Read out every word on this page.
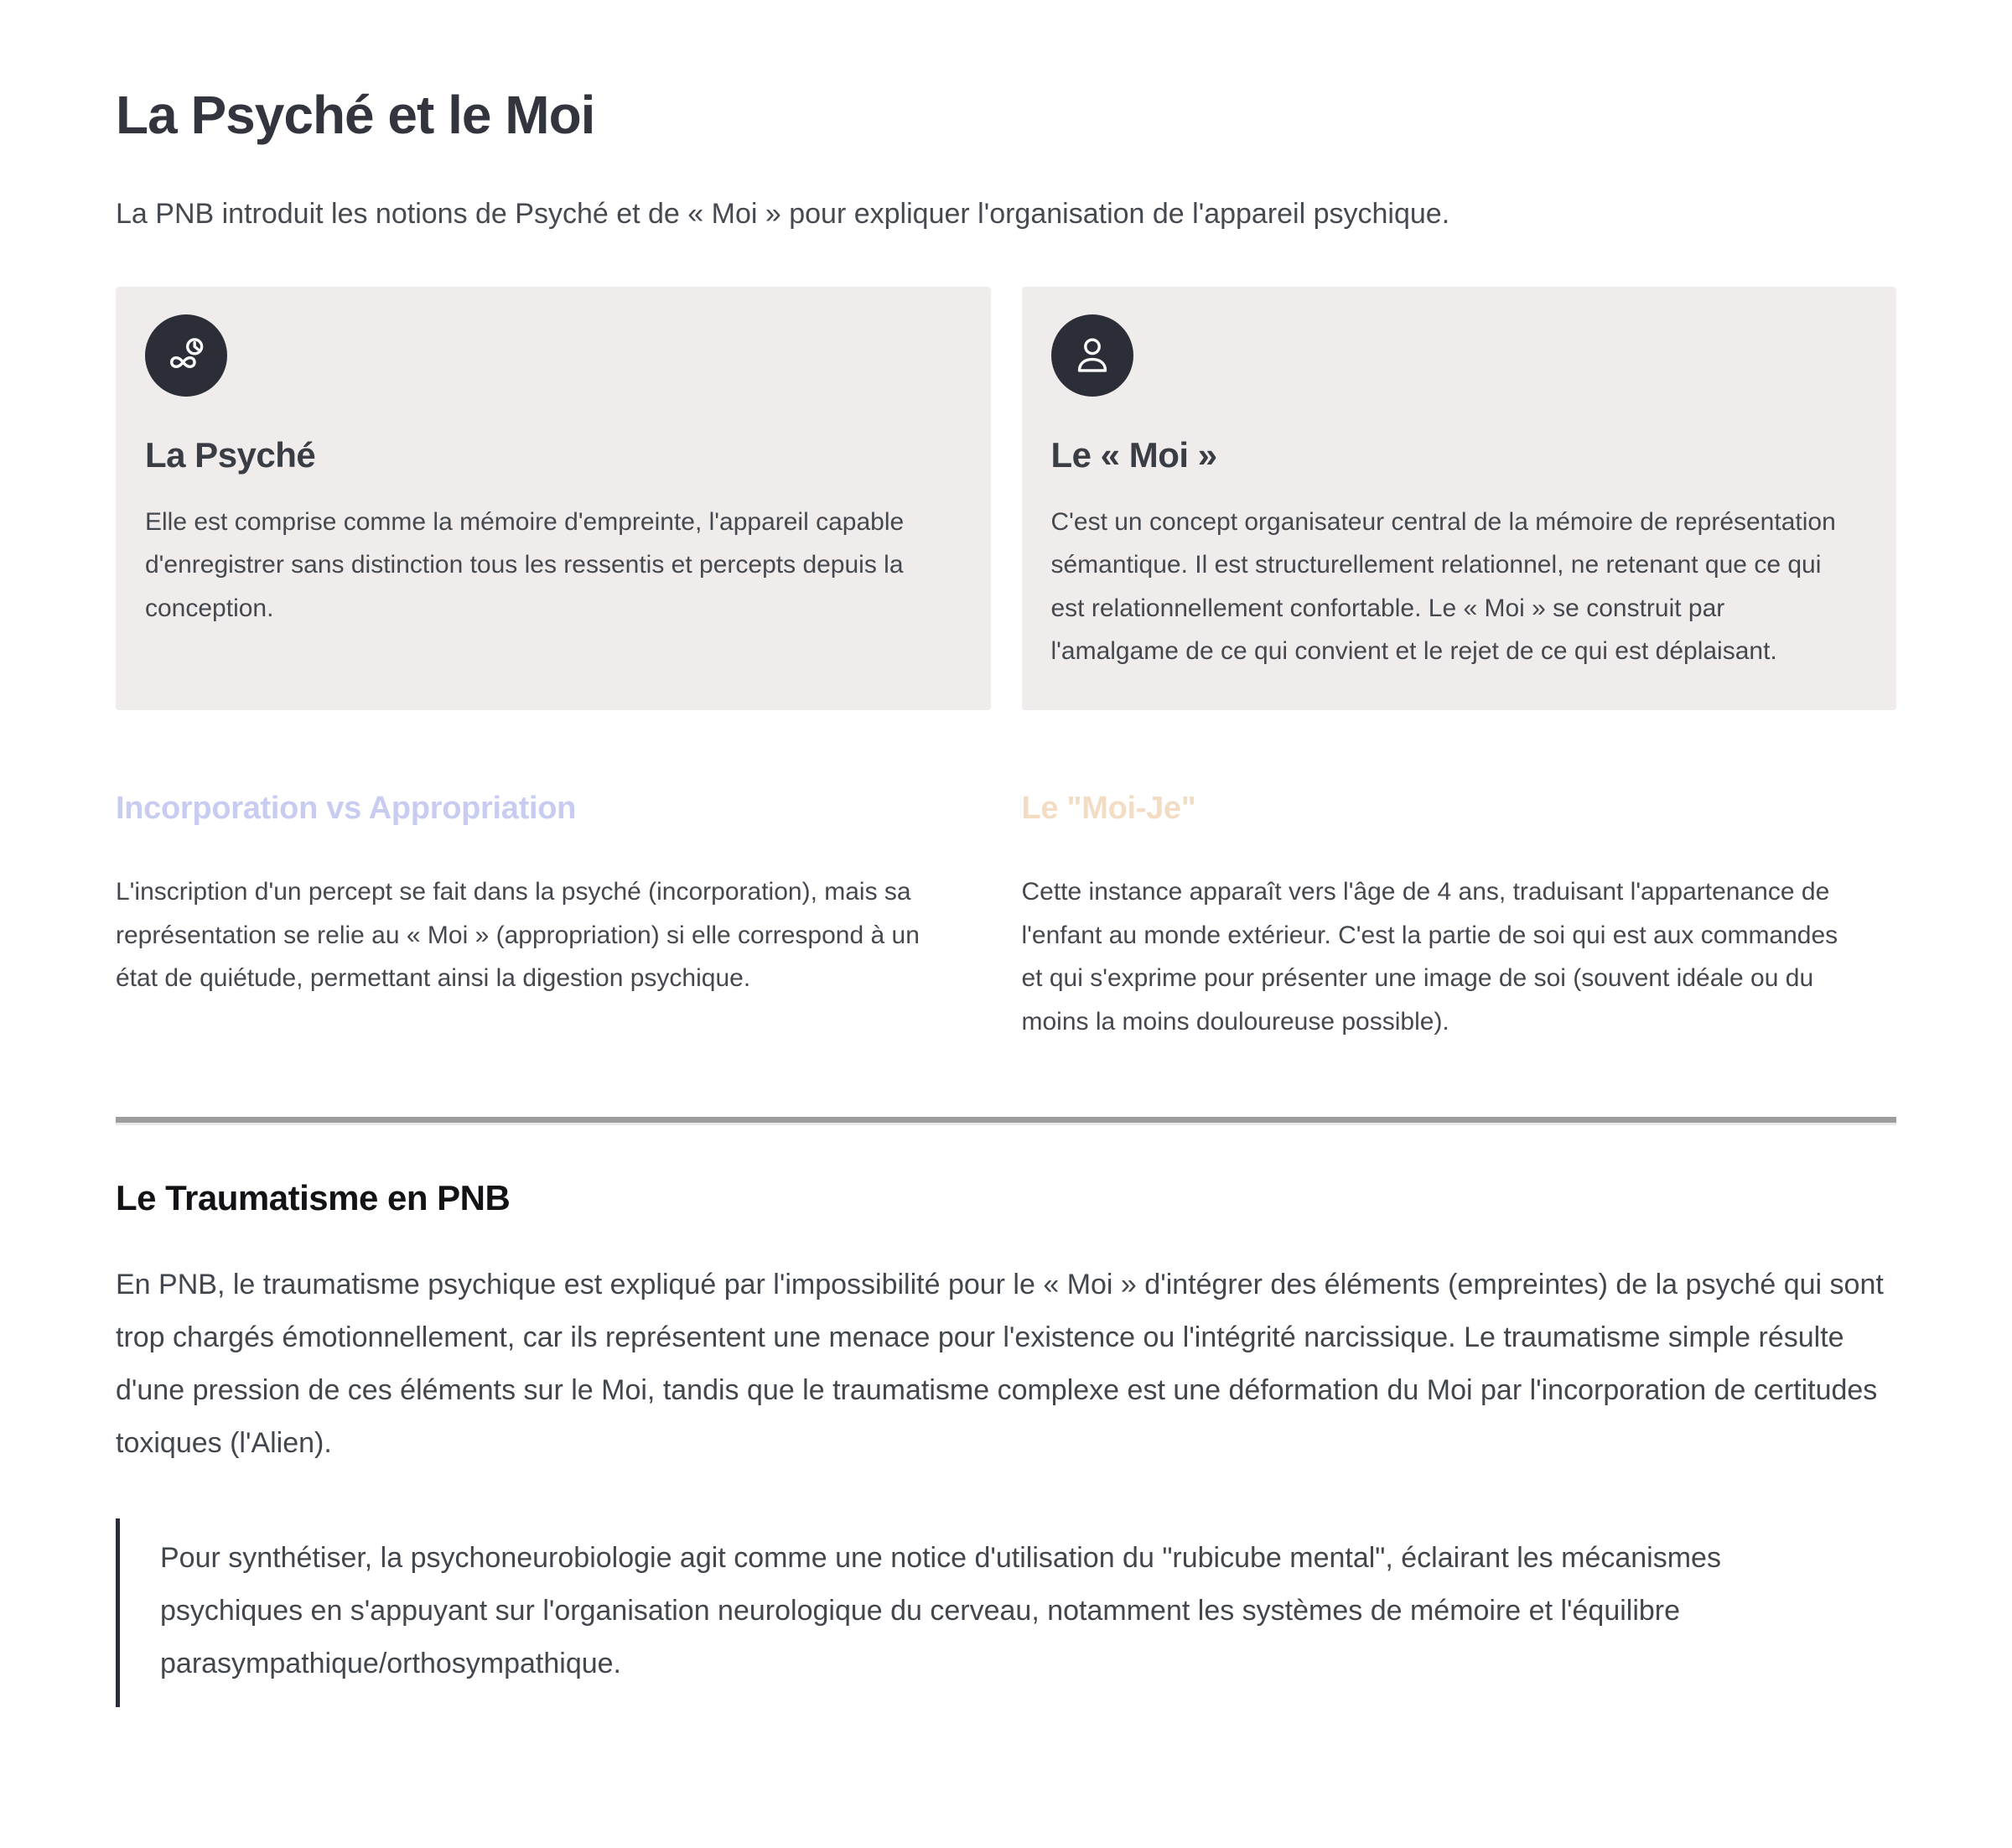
La Psyché et le Moi

La PNB introduit les notions de Psyché et de « Moi » pour expliquer l'organisation de l'appareil psychique.

La Psyché

Elle est comprise comme la mémoire d'empreinte, l'appareil capable d'enregistrer sans distinction tous les ressentis et percepts depuis la conception.

Le « Moi »

C'est un concept organisateur central de la mémoire de représentation sémantique. Il est structurellement relationnel, ne retenant que ce qui est relationnellement confortable. Le « Moi » se construit par l'amalgame de ce qui convient et le rejet de ce qui est déplaisant.

Incorporation vs Appropriation

L'inscription d'un percept se fait dans la psyché (incorporation), mais sa représentation se relie au « Moi » (appropriation) si elle correspond à un état de quiétude, permettant ainsi la digestion psychique.

Le "Moi-Je"

Cette instance apparaît vers l'âge de 4 ans, traduisant l'appartenance de l'enfant au monde extérieur. C'est la partie de soi qui est aux commandes et qui s'exprime pour présenter une image de soi (souvent idéale ou du moins la moins douloureuse possible).

Le Traumatisme en PNB

En PNB, le traumatisme psychique est expliqué par l'impossibilité pour le « Moi » d'intégrer des éléments (empreintes) de la psyché qui sont trop chargés émotionnellement, car ils représentent une menace pour l'existence ou l'intégrité narcissique. Le traumatisme simple résulte d'une pression de ces éléments sur le Moi, tandis que le traumatisme complexe est une déformation du Moi par l'incorporation de certitudes toxiques (l'Alien).

Pour synthétiser, la psychoneurobiologie agit comme une notice d'utilisation du "rubicube mental", éclairant les mécanismes psychiques en s'appuyant sur l'organisation neurologique du cerveau, notamment les systèmes de mémoire et l'équilibre parasympathique/orthosympathique.
